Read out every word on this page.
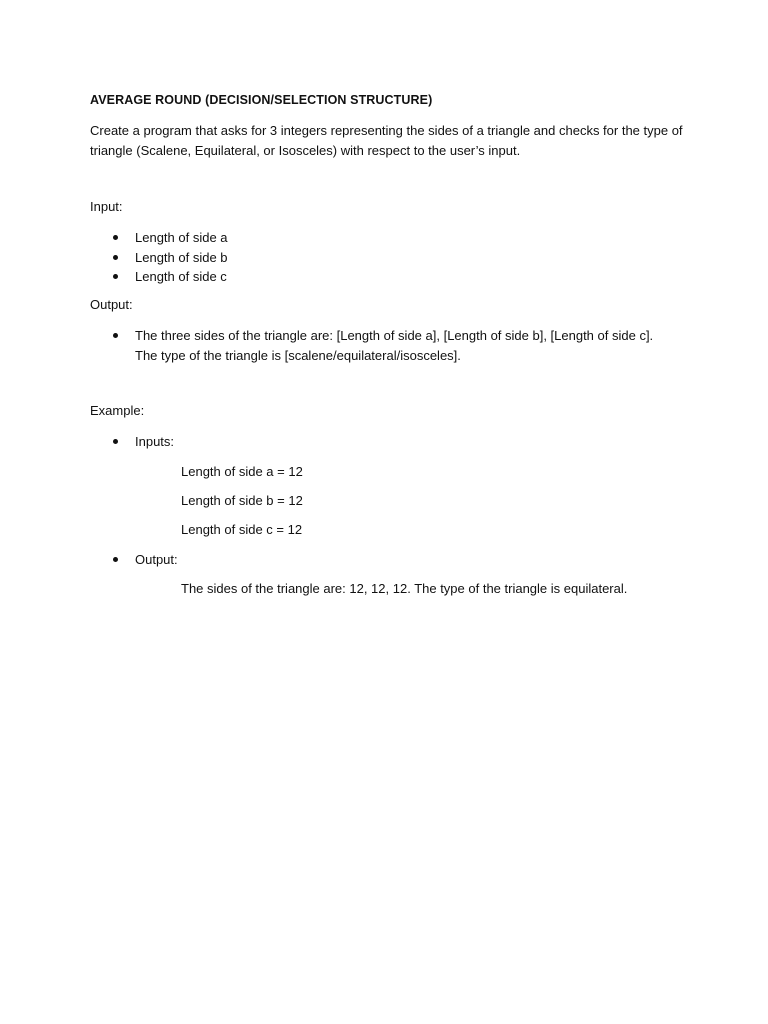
AVERAGE ROUND (DECISION/SELECTION STRUCTURE)
Create a program that asks for 3 integers representing the sides of a triangle and checks for the type of triangle (Scalene, Equilateral, or Isosceles) with respect to the user’s input.
Input:
Length of side a
Length of side b
Length of side c
Output:
The three sides of the triangle are: [Length of side a], [Length of side b], [Length of side c]. The type of the triangle is [scalene/equilateral/isosceles].
Example:
Inputs:
Length of side a = 12
Length of side b = 12
Length of side c = 12
Output:
The sides of the triangle are: 12, 12, 12. The type of the triangle is equilateral.
